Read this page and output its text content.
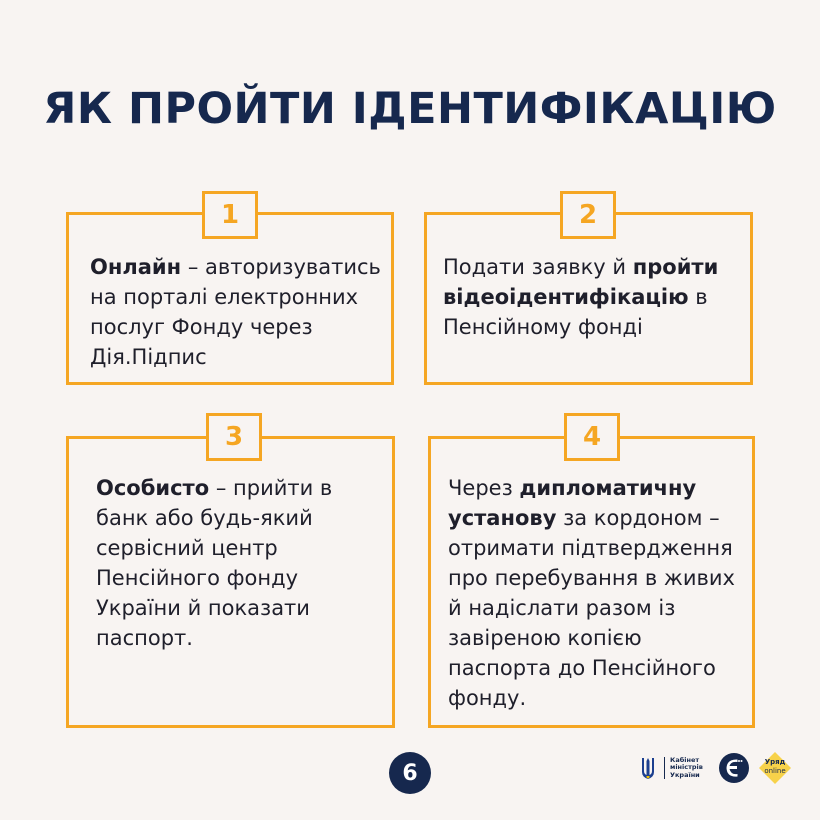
ЯК ПРОЙТИ ІДЕНТИФІКАЦІЮ
1

Онлайн – авторизуватись на порталі електронних послуг Фонду через Дія.Підпис

2

Подати заявку й пройти відеоідентифікацію в Пенсійному фонді

3

Особисто – прийти в банк або будь-який сервісний центр Пенсійного фонду України й показати паспорт.

4

Через дипломатичну установу за кордоном – отримати підтвердження про перебування в живих й надіслати разом із завіреною копією паспорта до Пенсійного фонду.

6
Кабінет
міністрів
України
Уряд
online
